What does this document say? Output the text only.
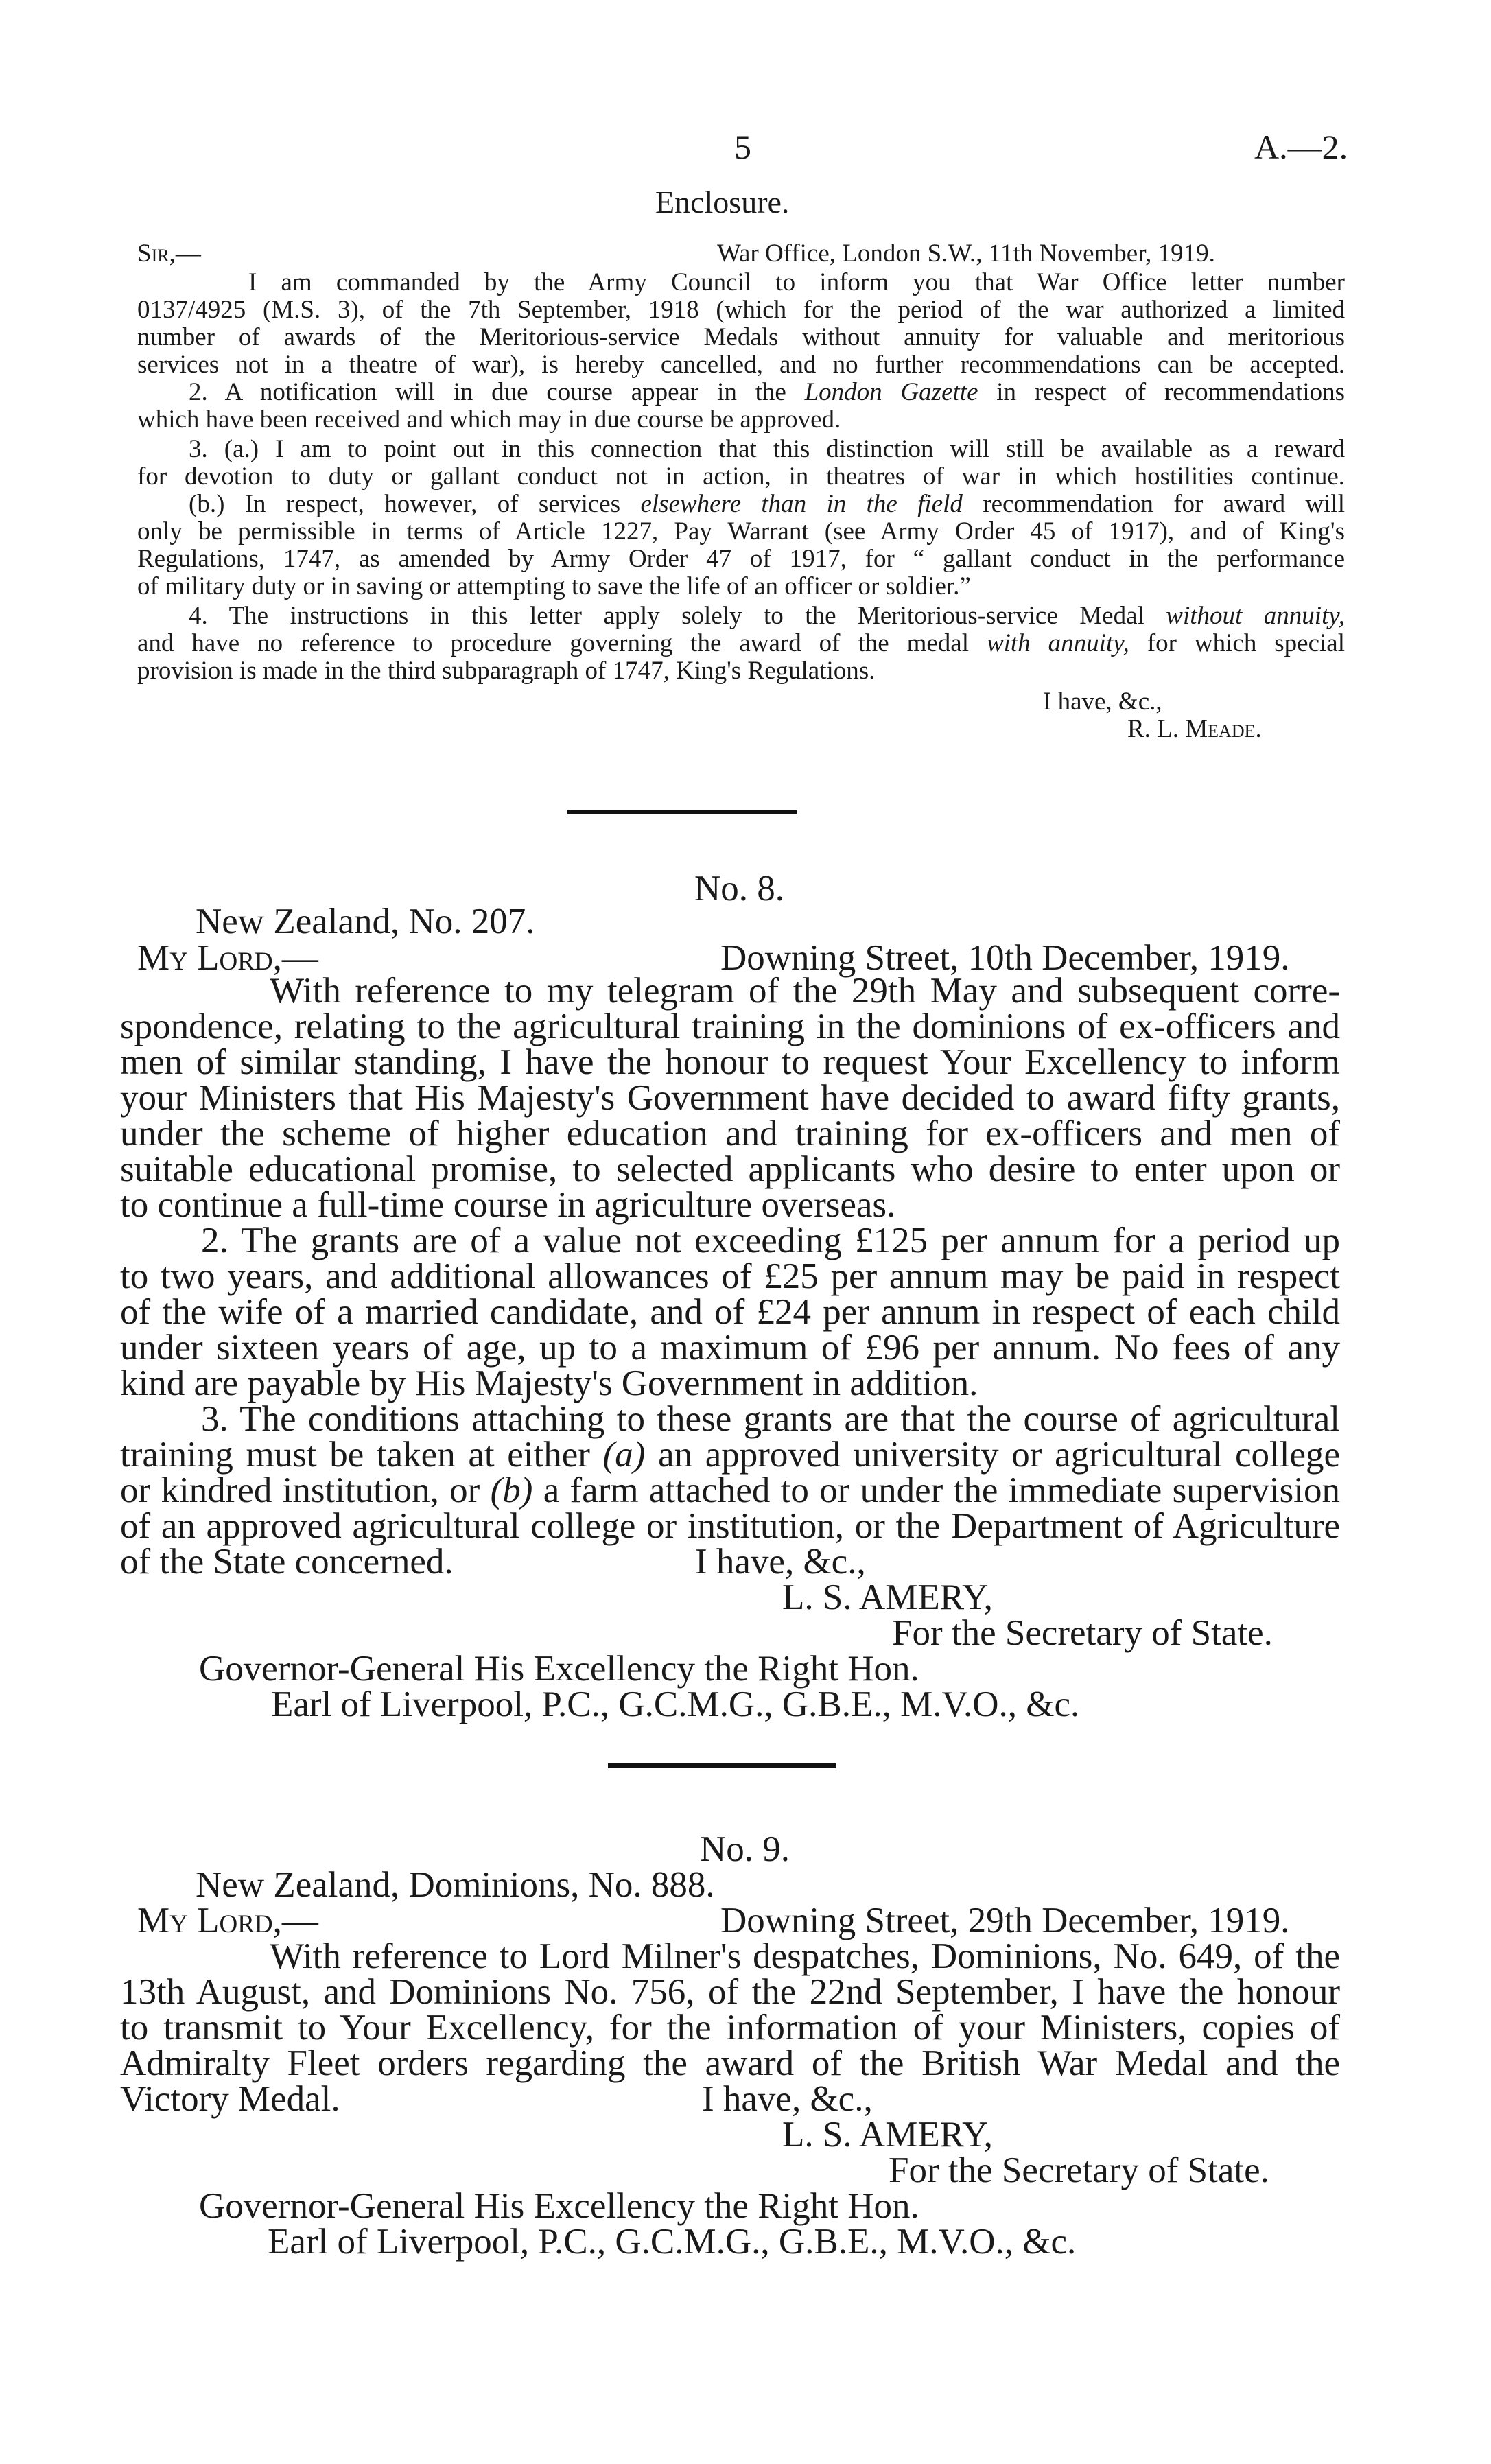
5	A.—2.
Enclosure.
Sir,—	War Office, London S.W., 11th November, 1919.
I am commanded by the Army Council to inform you that War Office letter number
0137/4925 (M.S. 3), of the 7th September, 1918 (which for the period of the war authorized a limited
number of awards of the Meritorious-service Medals without annuity for valuable and meritorious
services not in a theatre of war), is hereby cancelled, and no further recommendations can be accepted.
2. A notification will in due course appear in the London Gazette in respect of recommendations
which have been received and which may in due course be approved.
3. (a.) I am to point out in this connection that this distinction will still be available as a reward
for devotion to duty or gallant conduct not in action, in theatres of war in which hostilities continue.
(b.) In respect, however, of services elsewhere than in the field recommendation for award will
only be permissible in terms of Article 1227, Pay Warrant (see Army Order 45 of 1917), and of King's
Regulations, 1747, as amended by Army Order 47 of 1917, for “ gallant conduct in the performance
of military duty or in saving or attempting to save the life of an officer or soldier.”
4. The instructions in this letter apply solely to the Meritorious-service Medal without annuity,
and have no reference to procedure governing the award of the medal with annuity, for which special
provision is made in the third subparagraph of 1747, King's Regulations.
I have, &c.,
R. L. Meade.
No. 8.
New Zealand, No. 207.
My Lord,—	Downing Street, 10th December, 1919.
With reference to my telegram of the 29th May and subsequent corre-
spondence, relating to the agricultural training in the dominions of ex-officers and
men of similar standing, I have the honour to request Your Excellency to inform
your Ministers that His Majesty's Government have decided to award fifty grants,
under the scheme of higher education and training for ex-officers and men of
suitable educational promise, to selected applicants who desire to enter upon or
to continue a full-time course in agriculture overseas.
2. The grants are of a value not exceeding £125 per annum for a period up
to two years, and additional allowances of £25 per annum may be paid in respect
of the wife of a married candidate, and of £24 per annum in respect of each child
under sixteen years of age, up to a maximum of £96 per annum. No fees of any
kind are payable by His Majesty's Government in addition.
3. The conditions attaching to these grants are that the course of agricultural
training must be taken at either (a) an approved university or agricultural college
or kindred institution, or (b) a farm attached to or under the immediate supervision
of an approved agricultural college or institution, or the Department of Agriculture
of the State concerned.	I have, &c.,
L. S. AMERY,
For the Secretary of State.
Governor-General His Excellency the Right Hon.
Earl of Liverpool, P.C., G.C.M.G., G.B.E., M.V.O., &c.
No. 9.
New Zealand, Dominions, No. 888.
My Lord,—	Downing Street, 29th December, 1919.
With reference to Lord Milner's despatches, Dominions, No. 649, of the
13th August, and Dominions No. 756, of the 22nd September, I have the honour
to transmit to Your Excellency, for the information of your Ministers, copies of
Admiralty Fleet orders regarding the award of the British War Medal and the
Victory Medal.	I have, &c.,
L. S. AMERY,
For the Secretary of State.
Governor-General His Excellency the Right Hon.
Earl of Liverpool, P.C., G.C.M.G., G.B.E., M.V.O., &c.
